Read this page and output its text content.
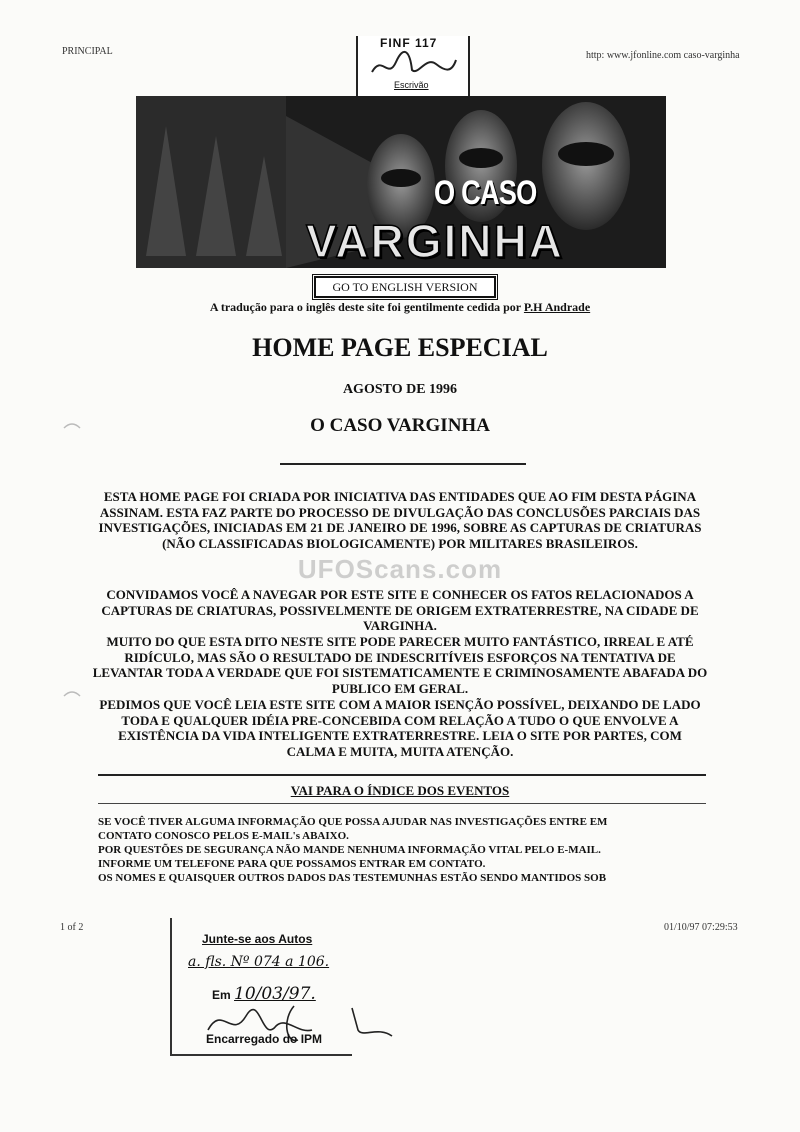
PRINCIPAL	http: www.jfonline.com caso-varginha
FINF 117
Escrivão
O CASO
VARGINHA
GO TO ENGLISH VERSION
A tradução para o inglês deste site foi gentilmente cedida por P.H Andrade
HOME PAGE ESPECIAL
AGOSTO DE 1996
O CASO VARGINHA

ESTA HOME PAGE FOI CRIADA POR INICIATIVA DAS ENTIDADES QUE AO FIM DESTA PÁGINA ASSINAM. ESTA FAZ PARTE DO PROCESSO DE DIVULGAÇÃO DAS CONCLUSÕES PARCIAIS DAS INVESTIGAÇÕES, INICIADAS EM 21 DE JANEIRO DE 1996, SOBRE AS CAPTURAS DE CRIATURAS (NÃO CLASSIFICADAS BIOLOGICAMENTE) POR MILITARES BRASILEIROS.

CONVIDAMOS VOCÊ A NAVEGAR POR ESTE SITE E CONHECER OS FATOS RELACIONADOS A CAPTURAS DE CRIATURAS, POSSIVELMENTE DE ORIGEM EXTRATERRESTRE, NA CIDADE DE VARGINHA.

MUITO DO QUE ESTA DITO NESTE SITE PODE PARECER MUITO FANTÁSTICO, IRREAL E ATÉ RIDÍCULO, MAS SÃO O RESULTADO DE INDESCRITÍVEIS ESFORÇOS NA TENTATIVA DE LEVANTAR TODA A VERDADE QUE FOI SISTEMATICAMENTE E CRIMINOSAMENTE ABAFADA DO PUBLICO EM GERAL.

PEDIMOS QUE VOCÊ LEIA ESTE SITE COM A MAIOR ISENÇÃO POSSÍVEL, DEIXANDO DE LADO TODA E QUALQUER IDÉIA PRE-CONCEBIDA COM RELAÇÃO A TUDO O QUE ENVOLVE A EXISTÊNCIA DA VIDA INTELIGENTE EXTRATERRESTRE. LEIA O SITE POR PARTES, COM CALMA E MUITA, MUITA ATENÇÃO.

UFOScans.com
VAI PARA O ÍNDICE DOS EVENTOS
SE VOCÊ TIVER ALGUMA INFORMAÇÃO QUE POSSA AJUDAR NAS INVESTIGAÇÕES ENTRE EM
CONTATO CONOSCO PELOS E-MAIL's ABAIXO.
POR QUESTÕES DE SEGURANÇA NÃO MANDE NENHUMA INFORMAÇÃO VITAL PELO E-MAIL.
INFORME UM TELEFONE PARA QUE POSSAMOS ENTRAR EM CONTATO.
OS NOMES E QUAISQUER OUTROS DADOS DAS TESTEMUNHAS ESTÃO SENDO MANTIDOS SOB
1 of 2	01/10/97 07:29:53
Junte-se aos Autos
a. fls. Nº 074 a 106.
Em 10/03/97.
Encarregado do IPM
